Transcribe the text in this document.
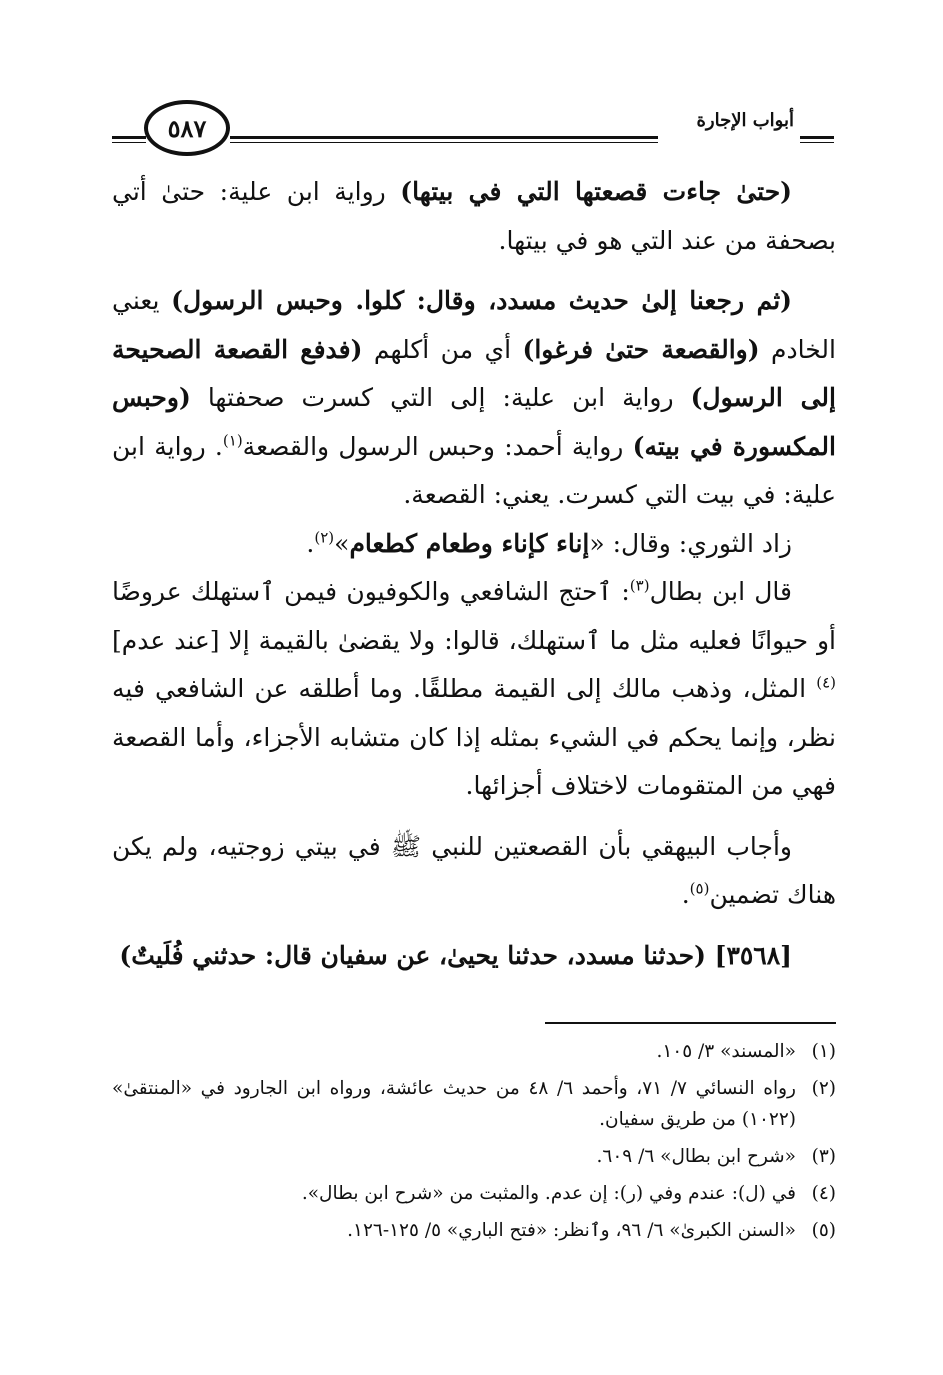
أبواب الإجارة
٥٨٧

(حتىٰ جاءت قصعتها التي في بيتها) رواية ابن علية: حتىٰ أتي بصحفة من عند التي هو في بيتها.

(ثم رجعنا إلىٰ حديث مسدد، وقال: كلوا. وحبس الرسول) يعني الخادم (والقصعة حتىٰ فرغوا) أي من أكلهم (فدفع القصعة الصحيحة إلى الرسول) رواية ابن علية: إلى التي كسرت صحفتها (وحبس المكسورة في بيته) رواية أحمد: وحبس الرسول والقصعة$^{(١)}$. رواية ابن علية: في بيت التي كسرت. يعني: القصعة.

زاد الثوري: وقال: «إناء كإناء وطعام كطعام»$^{(٢)}$.

قال ابن بطال$^{(٣)}$: ٱحتج الشافعي والكوفيون فيمن ٱستهلك عروضًا أو حيوانًا فعليه مثل ما ٱستهلك، قالوا: ولا يقضىٰ بالقيمة إلا [عند عدم]$^{(٤)}$ المثل، وذهب مالك إلى القيمة مطلقًا. وما أطلقه عن الشافعي فيه نظر، وإنما يحكم في الشيء بمثله إذا كان متشابه الأجزاء، وأما القصعة فهي من المتقومات لاختلاف أجزائها.

وأجاب البيهقي بأن القصعتين للنبي ﷺ في بيتي زوجتيه، ولم يكن هناك تضمين$^{(٥)}$.

[٣٥٦٨] (حدثنا مسدد، حدثنا يحيىٰ، عن سفيان قال: حدثني فُلَيتٌ)

(١)
«المسند» ٣/ ١٠٥.

(٢)
رواه النسائي ٧/ ٧١، وأحمد ٦/ ٤٨ من حديث عائشة، ورواه ابن الجارود في «المنتقىٰ» (١٠٢٢) من طريق سفيان.

(٣)
«شرح ابن بطال» ٦/ ٦٠٩.

(٤)
في (ل): عندم وفي (ر): إن عدم. والمثبت من «شرح ابن بطال».

(٥)
«السنن الكبرىٰ» ٦/ ٩٦، وٱنظر: «فتح الباري» ٥/ ١٢٥-١٢٦.
